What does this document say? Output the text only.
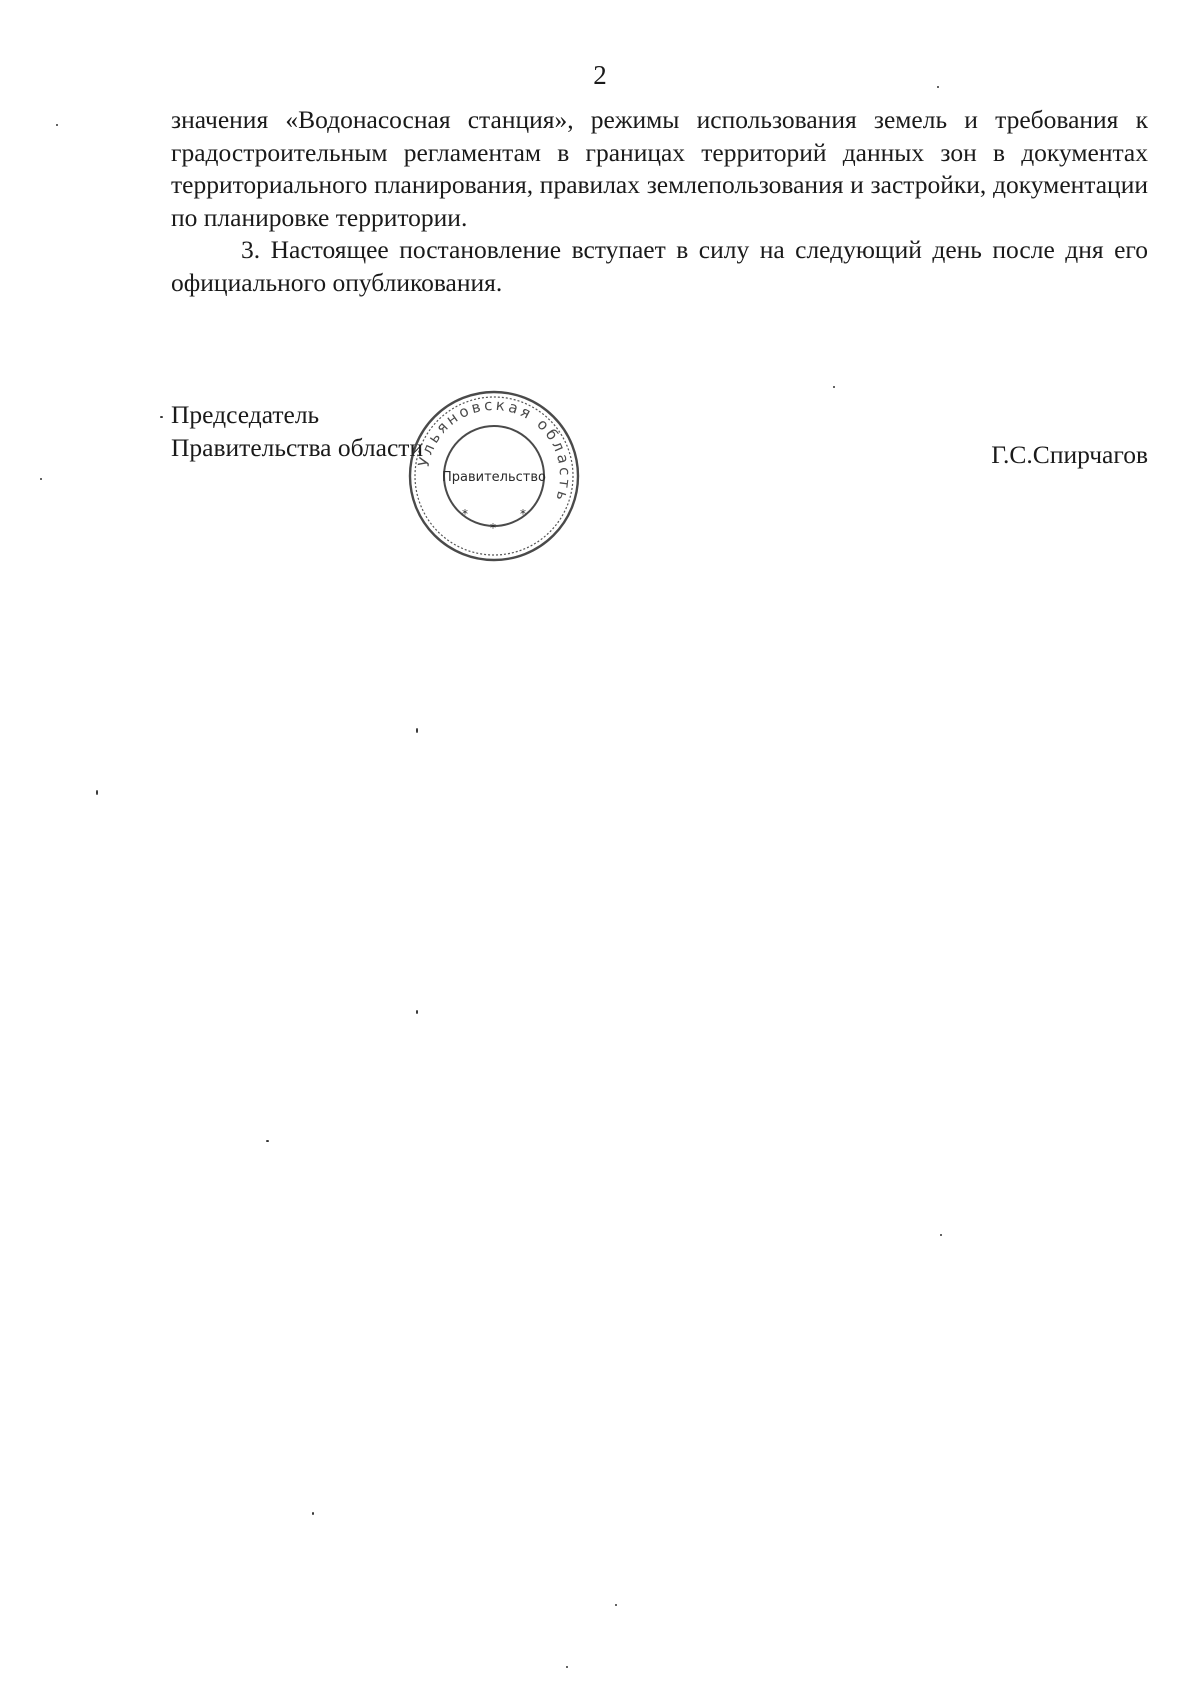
2

значения «Водонасосная станция», режимы использования земель и требования к градостроительным регламентам в границах территорий данных зон в документах территориального планирования, правилах землепользования и застройки, документации по планировке территории.

3. Настоящее постановление вступает в силу на следующий день после дня его официального опубликования.

Председатель
Правительства области	Г.С.Спирчагов
Ульяновская область
Правительство
*
*
*
